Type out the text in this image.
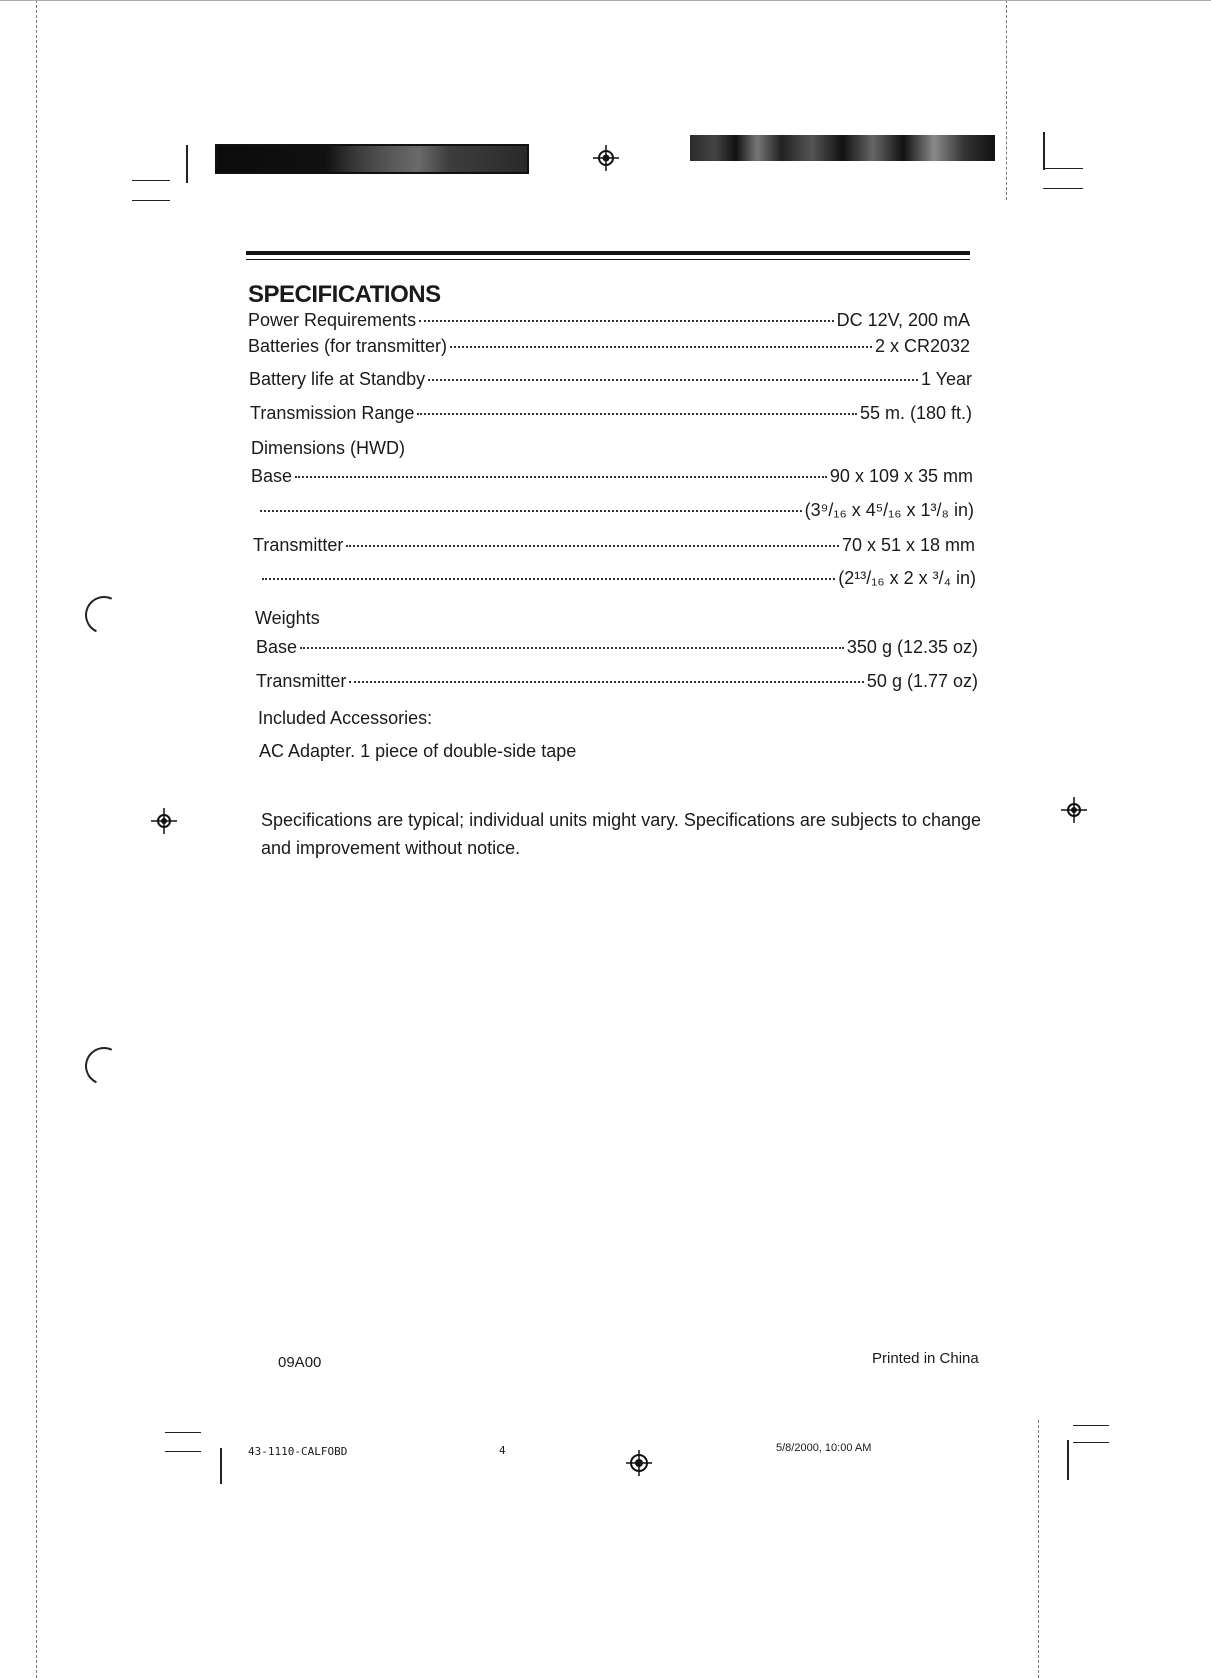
SPECIFICATIONS
Power Requirements	DC 12V, 200 mA
Batteries (for transmitter)	2 x CR2032
Battery life at Standby	1 Year
Transmission Range	55 m. (180 ft.)
Dimensions (HWD)
Base	90 x 109 x 35 mm
(3⁹/₁₆ x 4⁵/₁₆ x 1³/₈ in)
Transmitter	70 x 51 x 18 mm
(2¹³/₁₆ x 2 x ³/₄ in)
Weights
Base	350 g (12.35 oz)
Transmitter	50 g (1.77 oz)
Included Accessories:
AC Adapter. 1 piece of double-side tape
Specifications are typical; individual units might vary. Specifications are subjects to change and improvement without notice.
09A00	Printed in China
43-1110-CALFOBD	4	5/8/2000, 10:00 AM
